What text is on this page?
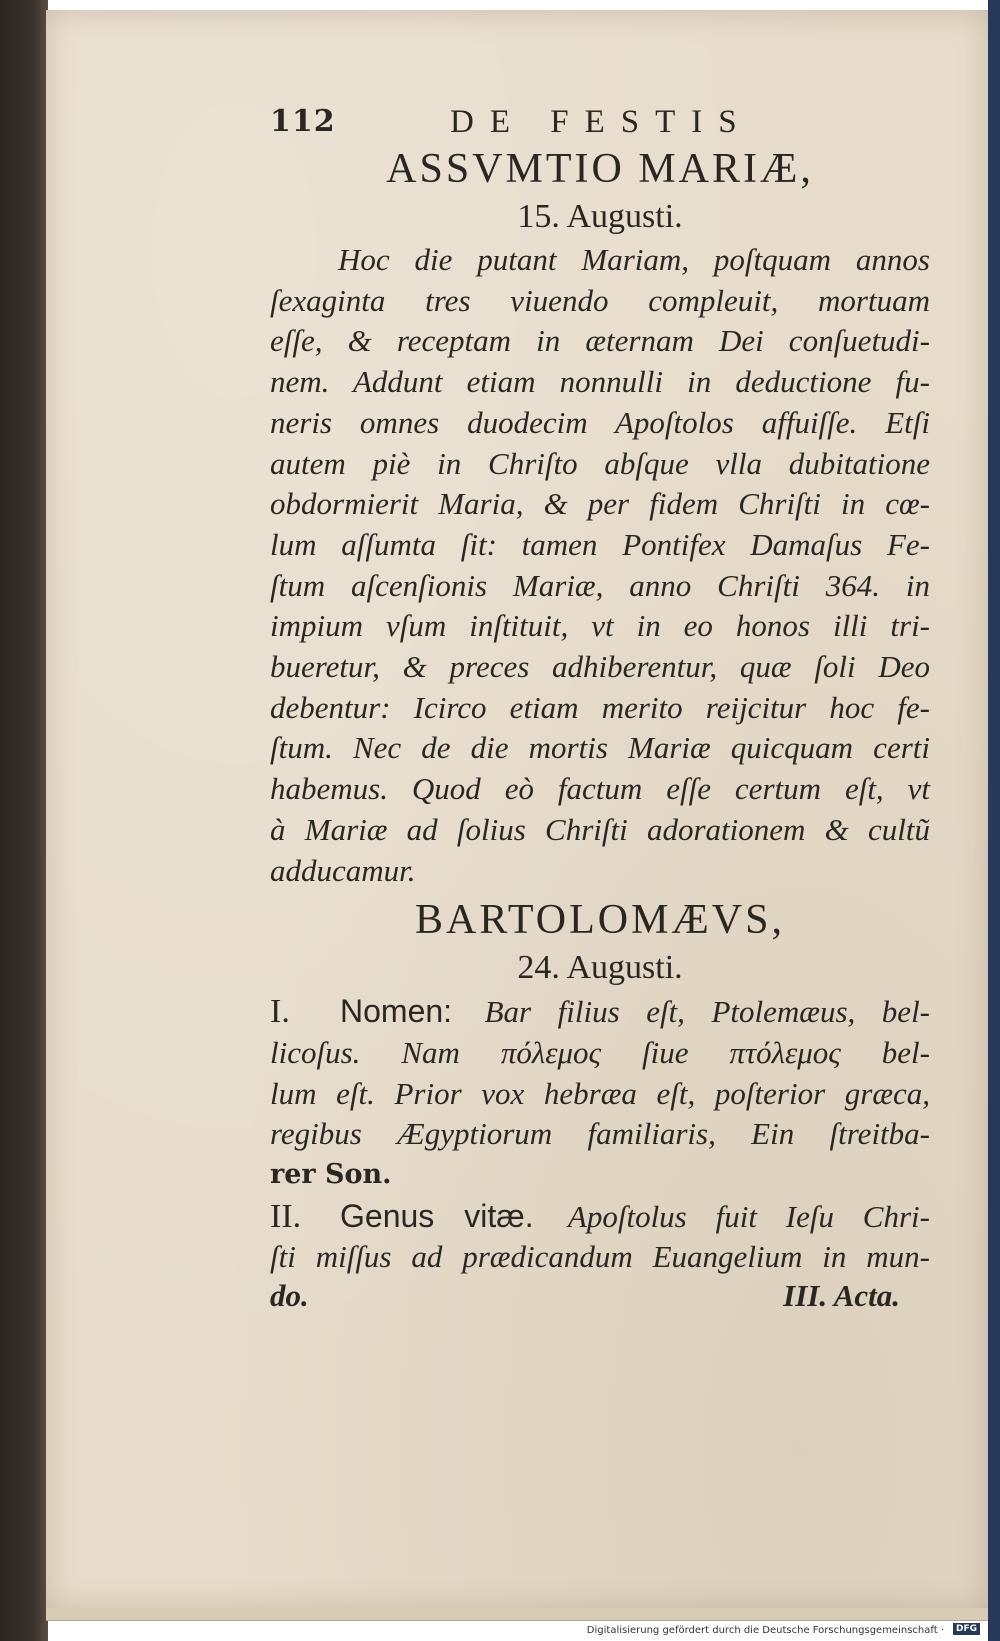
112	DE FESTIS
ASSVMTIO MARIÆ,
15. Augusti.

Hoc die putant Mariam, poſtquam annos
ſexaginta tres viuendo compleuit, mortuam
eſſe, & receptam in æternam Dei conſuetudi-
nem. Addunt etiam nonnulli in deductione fu-
neris omnes duodecim Apoſtolos affuiſſe. Etſi
autem piè in Chriſto abſque vlla dubitatione
obdormierit Maria, & per fidem Chriſti in cœ-
lum aſſumta ſit: tamen Pontifex Damaſus Fe-
ſtum aſcenſionis Mariæ, anno Chriſti 364. in
impium vſum inſtituit, vt in eo honos illi tri-
bueretur, & preces adhiberentur, quæ ſoli Deo
debentur: Icirco etiam merito reijcitur hoc fe-
ſtum. Nec de die mortis Mariæ quicquam certi
habemus. Quod eò factum eſſe certum eſt, vt
à Mariæ ad ſolius Chriſti adorationem & cultũ
adducamur.

BARTOLOMÆVS,
24. Augusti.
I. Nomen: Bar filius eſt, Ptolemæus, bel-
licoſus. Nam πόλεμος ſiue πτόλεμος bel-
lum eſt. Prior vox hebræa eſt, poſterior græca,
regibus Ægyptiorum familiaris, Ein ſtreitba-
rer Son.
II. Genus vitæ. Apoſtolus fuit Ieſu Chri-
ſti miſſus ad prædicandum Euangelium in mun-
do.	III. Acta.
Digitalisierung gefördert durch die Deutsche Forschungsgemeinschaft ·	DFG
